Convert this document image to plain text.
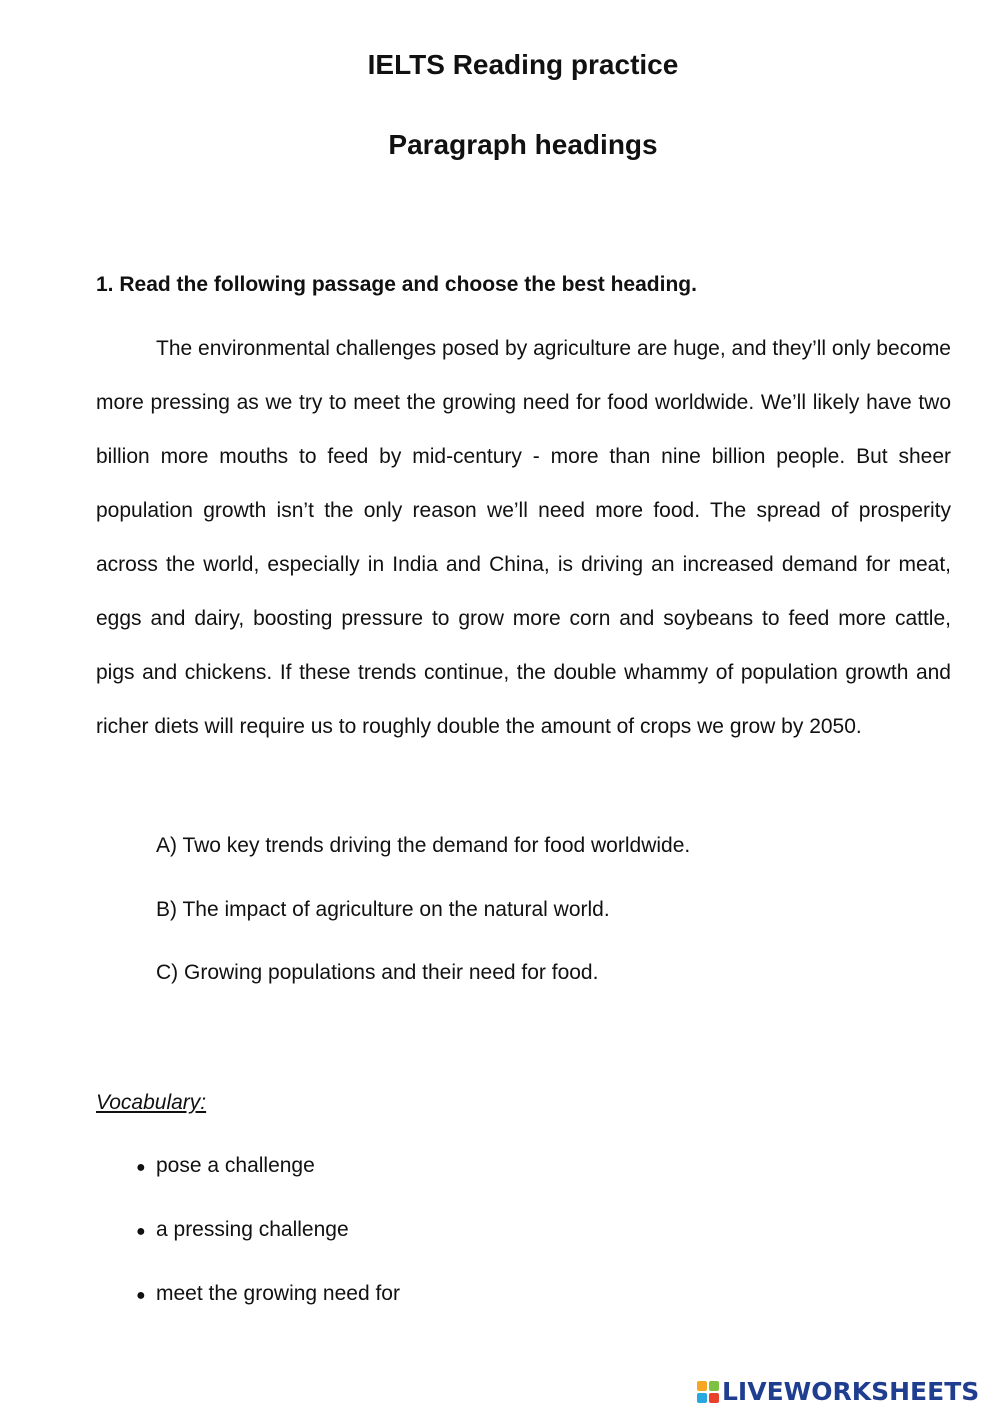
IELTS Reading practice
Paragraph headings

1. Read the following passage and choose the best heading.

The environmental challenges posed by agriculture are huge, and they’ll only become more pressing as we try to meet the growing need for food worldwide. We’ll likely have two billion more mouths to feed by mid-century - more than nine billion people. But sheer population growth isn’t the only reason we’ll need more food. The spread of prosperity across the world, especially in India and China, is driving an increased demand for meat, eggs and dairy, boosting pressure to grow more corn and soybeans to feed more cattle, pigs and chickens. If these trends continue, the double whammy of population growth and richer diets will require us to roughly double the amount of crops we grow by 2050.

A) Two key trends driving the demand for food worldwide.

B) The impact of agriculture on the natural world.

C) Growing populations and their need for food.

Vocabulary:

● pose a challenge
● a pressing challenge
● meet the growing need for
LIVEWORKSHEETS
